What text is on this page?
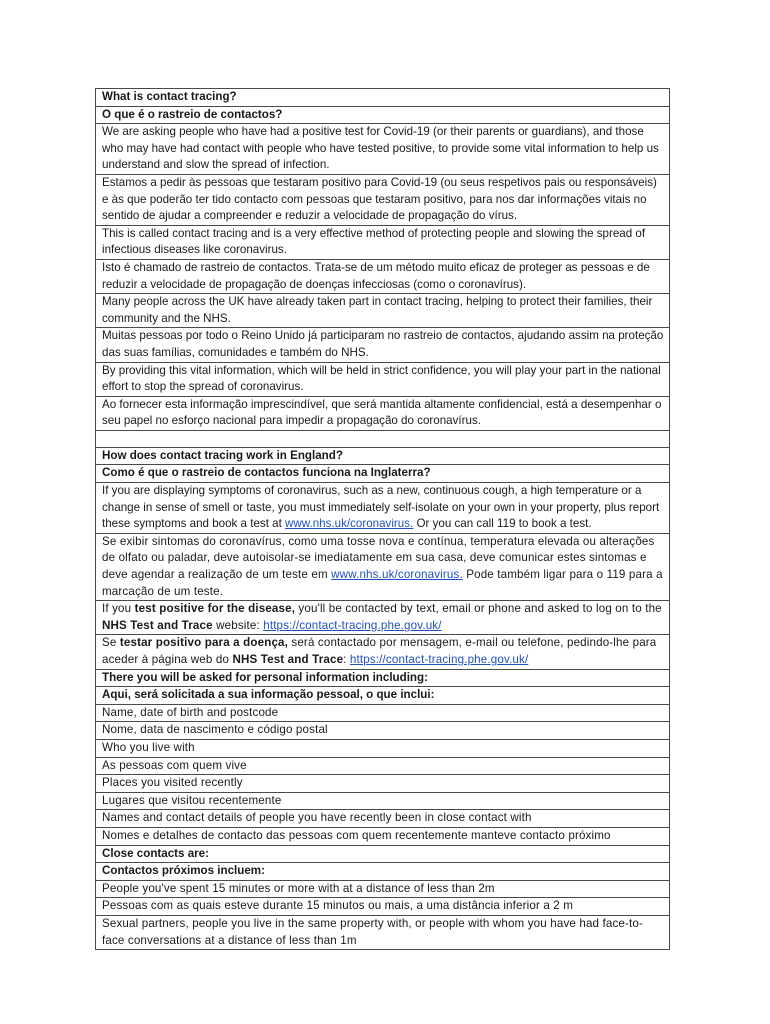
What is contact tracing?
O que é o rastreio de contactos?
We are asking people who have had a positive test for Covid-19 (or their parents or guardians), and those who may have had contact with people who have tested positive, to provide some vital information to help us understand and slow the spread of infection.
Estamos a pedir às pessoas que testaram positivo para Covid-19 (ou seus respetivos pais ou responsáveis) e às que poderão ter tido contacto com pessoas que testaram positivo, para nos dar informações vitais no sentido de ajudar a compreender e reduzir a velocidade de propagação do vírus.
This is called contact tracing and is a very effective method of protecting people and slowing the spread of infectious diseases like coronavirus.
Isto é chamado de rastreio de contactos. Trata-se de um método muito eficaz de proteger as pessoas e de reduzir a velocidade de propagação de doenças infecciosas (como o coronavírus).
Many people across the UK have already taken part in contact tracing, helping to protect their families, their community and the NHS.
Muitas pessoas por todo o Reino Unido já participaram no rastreio de contactos, ajudando assim na proteção das suas famílias, comunidades e também do NHS.
By providing this vital information, which will be held in strict confidence, you will play your part in the national effort to stop the spread of coronavirus.
Ao fornecer esta informação imprescindível, que será mantida altamente confidencial, está a desempenhar o seu papel no esforço nacional para impedir a propagação do coronavírus.

How does contact tracing work in England?
Como é que o rastreio de contactos funciona na Inglaterra?
If you are displaying symptoms of coronavirus, such as a new, continuous cough, a high temperature or a change in sense of smell or taste, you must immediately self-isolate on your own in your property, plus report these symptoms and book a test at www.nhs.uk/coronavirus. Or you can call 119 to book a test.
Se exibir sintomas do coronavírus, como uma tosse nova e contínua, temperatura elevada ou alterações de olfato ou paladar, deve autoisolar-se imediatamente em sua casa, deve comunicar estes sintomas e deve agendar a realização de um teste em www.nhs.uk/coronavirus. Pode também ligar para o 119 para a marcação de um teste.
If you test positive for the disease, you'll be contacted by text, email or phone and asked to log on to the NHS Test and Trace website: https://contact-tracing.phe.gov.uk/
Se testar positivo para a doença, será contactado por mensagem, e-mail ou telefone, pedindo-lhe para aceder à página web do NHS Test and Trace: https://contact-tracing.phe.gov.uk/
There you will be asked for personal information including:
Aqui, será solicitada a sua informação pessoal, o que inclui:
Name, date of birth and postcode
Nome, data de nascimento e código postal
Who you live with
As pessoas com quem vive
Places you visited recently
Lugares que visitou recentemente
Names and contact details of people you have recently been in close contact with
Nomes e detalhes de contacto das pessoas com quem recentemente manteve contacto próximo
Close contacts are:
Contactos próximos incluem:
People you've spent 15 minutes or more with at a distance of less than 2m
Pessoas com as quais esteve durante 15 minutos ou mais, a uma distância inferior a 2 m
Sexual partners, people you live in the same property with, or people with whom you have had face-to-face conversations at a distance of less than 1m
